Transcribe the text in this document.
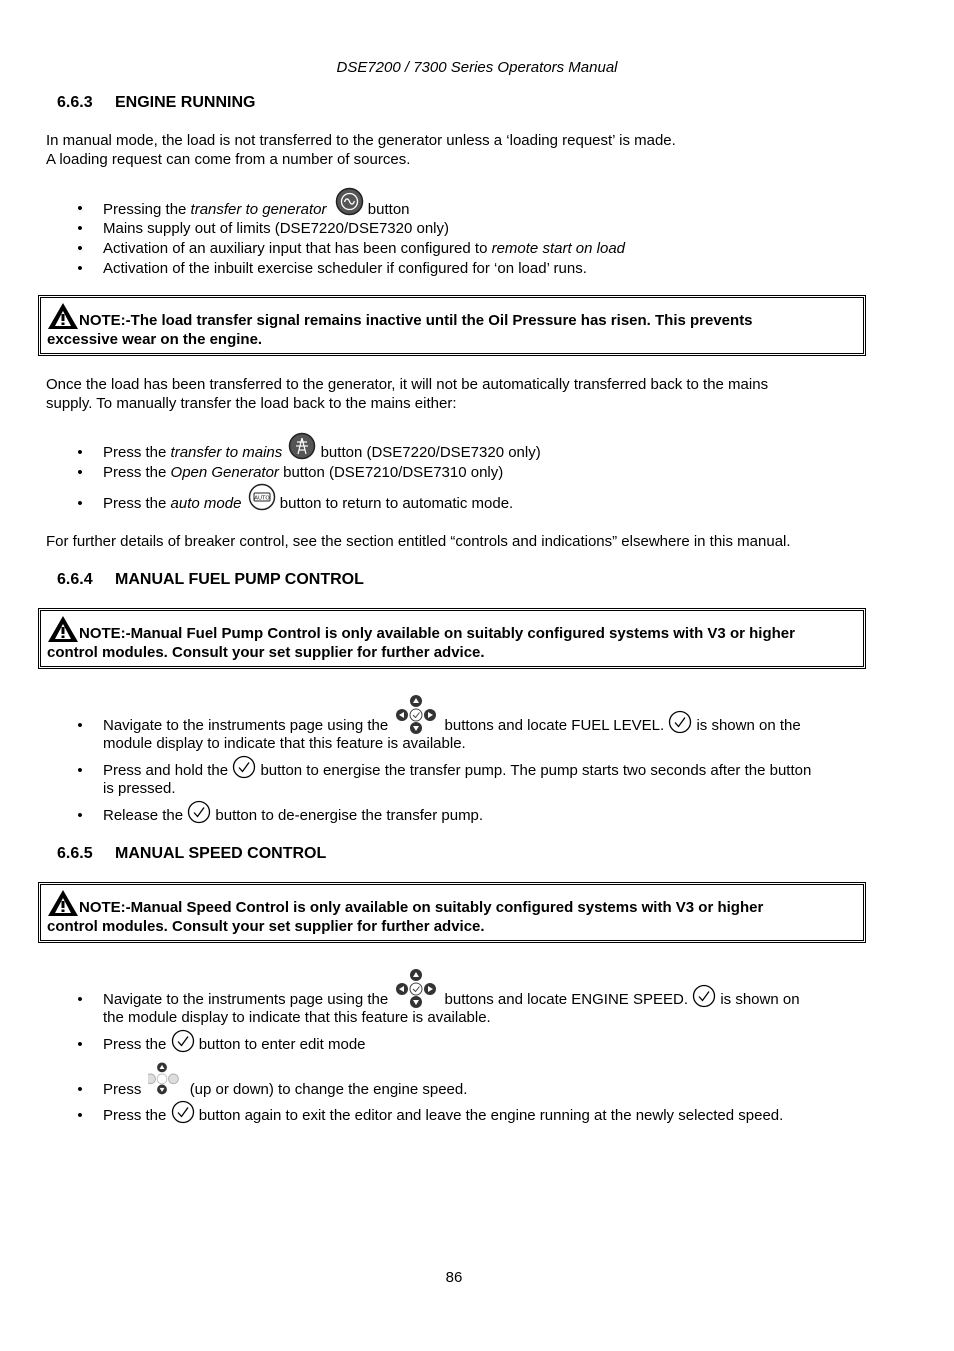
DSE7200 / 7300 Series Operators Manual
6.6.3 ENGINE RUNNING
In manual mode, the load is not transferred to the generator unless a ‘loading request’ is made.
A loading request can come from a number of sources.
• Pressing the transfer to generator  button
• Mains supply out of limits (DSE7220/DSE7320 only)
• Activation of an auxiliary input that has been configured to remote start on load
• Activation of the inbuilt exercise scheduler if configured for ‘on load’ runs.
NOTE:-The load transfer signal remains inactive until the Oil Pressure has risen. This prevents
excessive wear on the engine.
Once the load has been transferred to the generator, it will not be automatically transferred back to the mains
supply. To manually transfer the load back to the mains either:
• Press the transfer to mains  button (DSE7220/DSE7320 only)
• Press the Open Generator button (DSE7210/DSE7310 only)
• Press the auto mode AUTO button to return to automatic mode.
For further details of breaker control, see the section entitled “controls and indications” elsewhere in this manual.
6.6.4 MANUAL FUEL PUMP CONTROL
NOTE:-Manual Fuel Pump Control is only available on suitably configured systems with V3 or higher
control modules. Consult your set supplier for further advice.
• Navigate to the instruments page using the	buttons and locate FUEL LEVEL. is shown on the
module display to indicate that this feature is available.
• Press and hold the button to energise the transfer pump. The pump starts two seconds after the button
is pressed.
• Release the button to de-energise the transfer pump.
6.6.5 MANUAL SPEED CONTROL
NOTE:-Manual Speed Control is only available on suitably configured systems with V3 or higher
control modules. Consult your set supplier for further advice.
• Navigate to the instruments page using the	buttons and locate ENGINE SPEED. is shown on
the module display to indicate that this feature is available.
• Press the button to enter edit mode
• Press	(up or down) to change the engine speed.
• Press the button again to exit the editor and leave the engine running at the newly selected speed.
86
